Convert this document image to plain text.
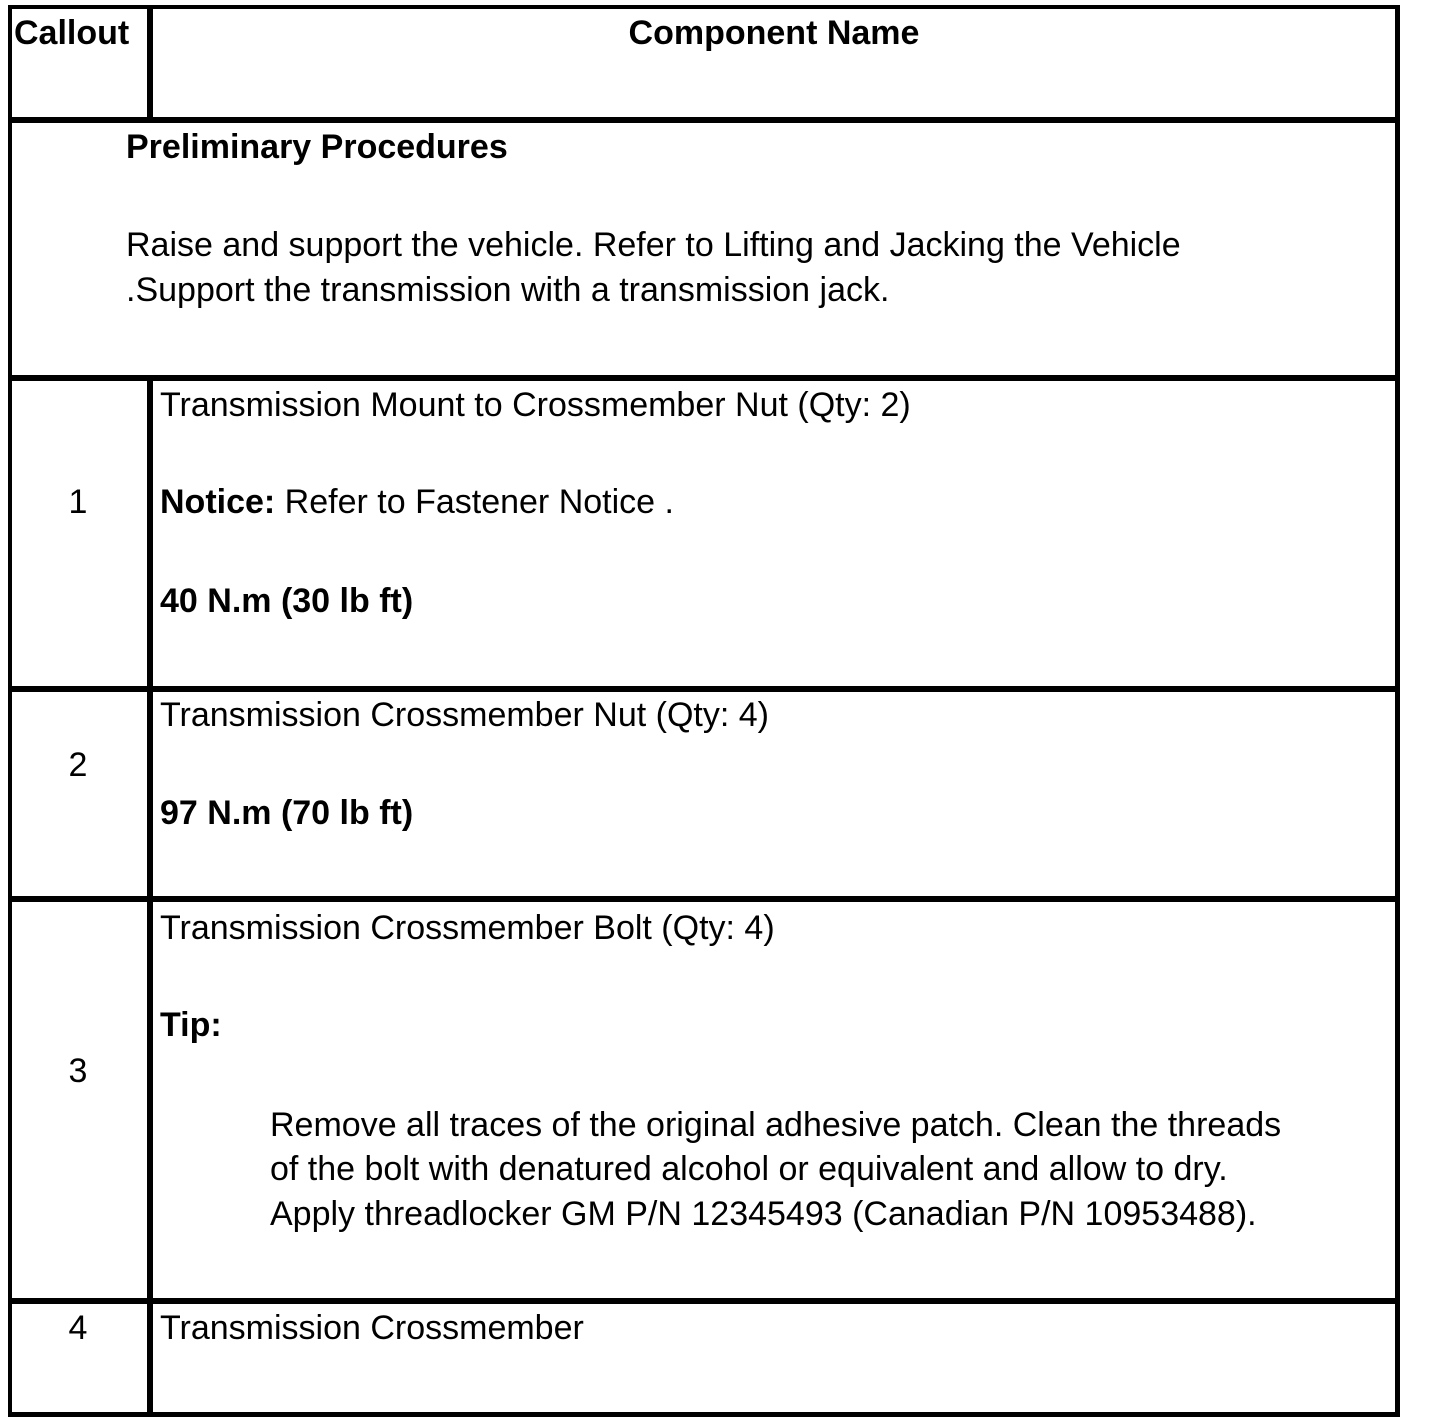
Callout	Component Name
Preliminary Procedures
Raise and support the vehicle. Refer to Lifting and Jacking the Vehicle
.Support the transmission with a transmission jack.
1
Transmission Mount to Crossmember Nut (Qty: 2)
Notice: Refer to Fastener Notice .
40 N.m (30 lb ft)
2
Transmission Crossmember Nut (Qty: 4)
97 N.m (70 lb ft)
3
Transmission Crossmember Bolt (Qty: 4)
Tip:
Remove all traces of the original adhesive patch. Clean the threads
of the bolt with denatured alcohol or equivalent and allow to dry.
Apply threadlocker GM P/N 12345493 (Canadian P/N 10953488).
4	Transmission Crossmember
